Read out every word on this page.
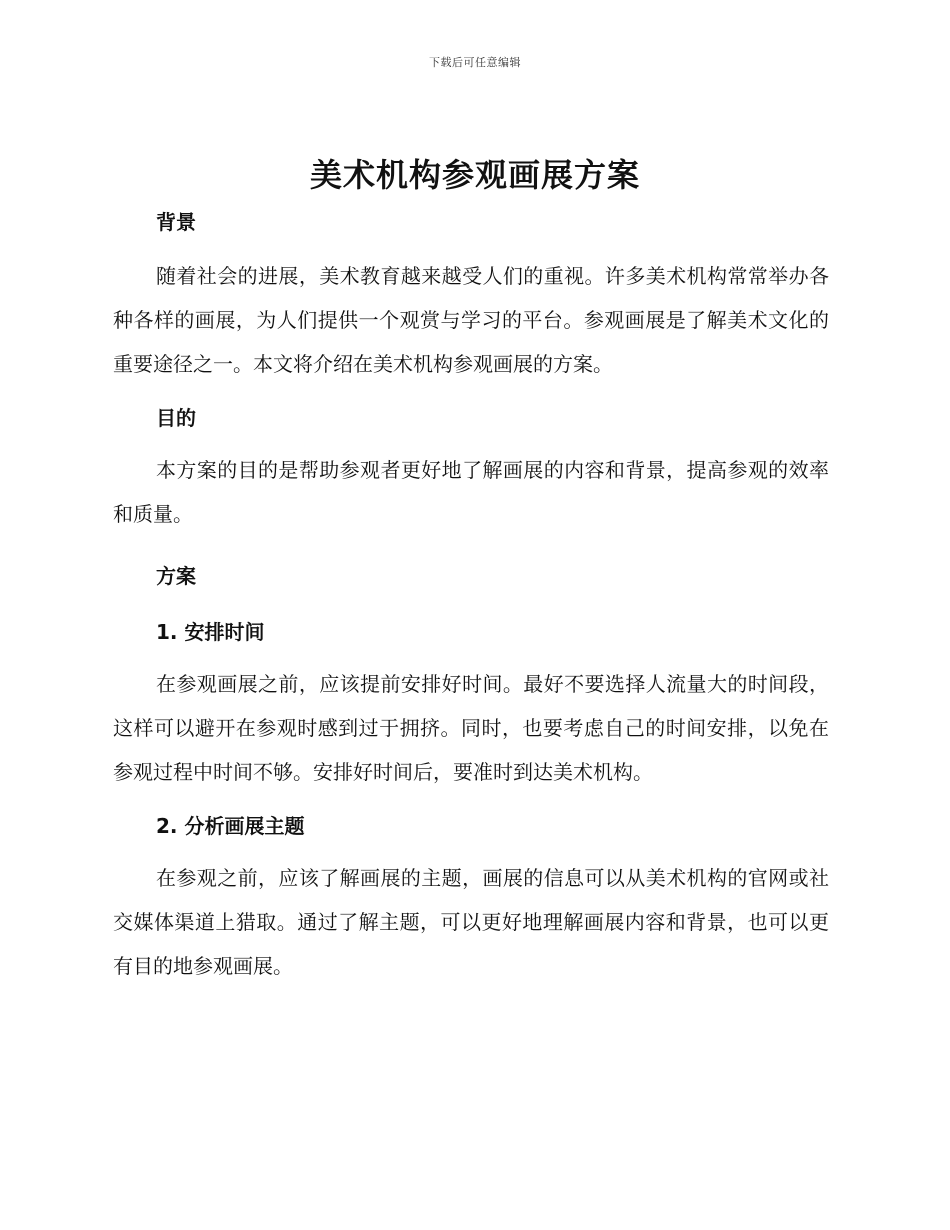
下载后可任意编辑
美术机构参观画展方案
背景

随着社会的进展，美术教育越来越受人们的重视。许多美术机构常常举办各种各样的画展，为人们提供一个观赏与学习的平台。参观画展是了解美术文化的重要途径之一。本文将介绍在美术机构参观画展的方案。

目的

本方案的目的是帮助参观者更好地了解画展的内容和背景，提高参观的效率和质量。

方案
1. 安排时间

在参观画展之前，应该提前安排好时间。最好不要选择人流量大的时间段，这样可以避开在参观时感到过于拥挤。同时，也要考虑自己的时间安排，以免在参观过程中时间不够。安排好时间后，要准时到达美术机构。

2. 分析画展主题

在参观之前，应该了解画展的主题，画展的信息可以从美术机构的官网或社交媒体渠道上猎取。通过了解主题，可以更好地理解画展内容和背景，也可以更有目的地参观画展。
